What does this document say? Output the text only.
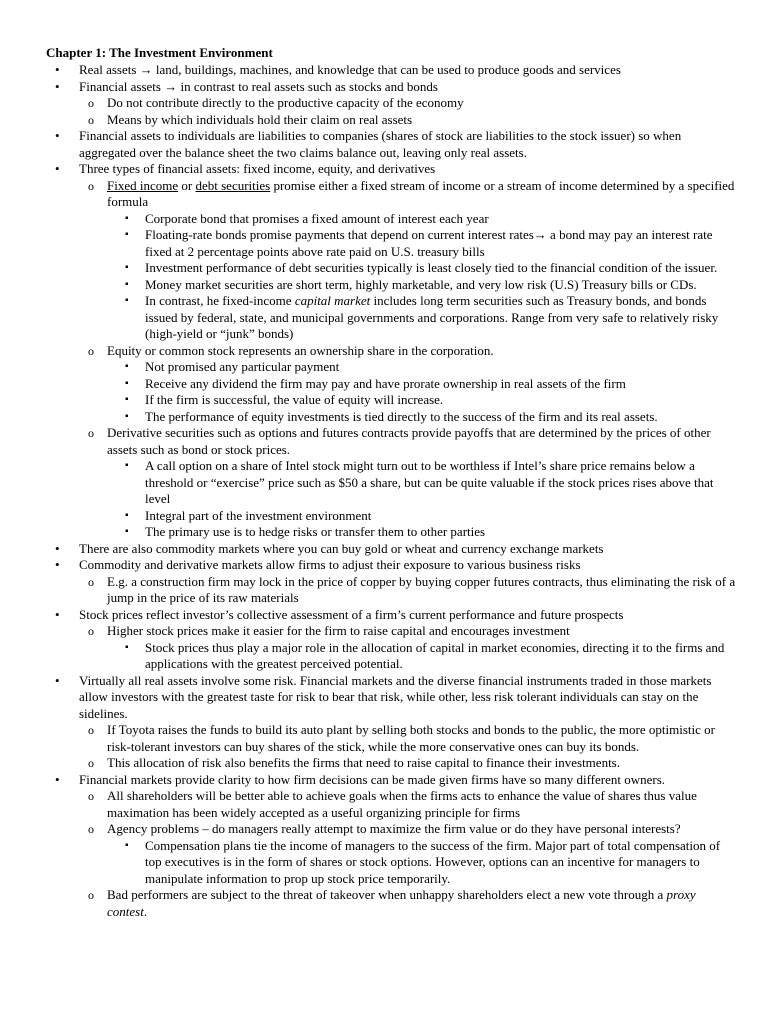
Chapter 1: The Investment Environment
• Real assets → land, buildings, machines, and knowledge that can be used to produce goods and services
• Financial assets → in contrast to real assets such as stocks and bonds
o Do not contribute directly to the productive capacity of the economy
o Means by which individuals hold their claim on real assets
• Financial assets to individuals are liabilities to companies (shares of stock are liabilities to the stock issuer) so when aggregated over the balance sheet the two claims balance out, leaving only real assets.
• Three types of financial assets: fixed income, equity, and derivatives
o Fixed income or debt securities promise either a fixed stream of income or a stream of income determined by a specified formula
▪ Corporate bond that promises a fixed amount of interest each year
▪ Floating-rate bonds promise payments that depend on current interest rates→ a bond may pay an interest rate fixed at 2 percentage points above rate paid on U.S. treasury bills
▪ Investment performance of debt securities typically is least closely tied to the financial condition of the issuer.
▪ Money market securities are short term, highly marketable, and very low risk (U.S) Treasury bills or CDs.
▪ In contrast, he fixed-income capital market includes long term securities such as Treasury bonds, and bonds issued by federal, state, and municipal governments and corporations. Range from very safe to relatively risky (high-yield or “junk” bonds)
o Equity or common stock represents an ownership share in the corporation.
▪ Not promised any particular payment
▪ Receive any dividend the firm may pay and have prorate ownership in real assets of the firm
▪ If the firm is successful, the value of equity will increase.
▪ The performance of equity investments is tied directly to the success of the firm and its real assets.
o Derivative securities such as options and futures contracts provide payoffs that are determined by the prices of other assets such as bond or stock prices.
▪ A call option on a share of Intel stock might turn out to be worthless if Intel’s share price remains below a threshold or “exercise” price such as $50 a share, but can be quite valuable if the stock prices rises above that level
▪ Integral part of the investment environment
▪ The primary use is to hedge risks or transfer them to other parties
• There are also commodity markets where you can buy gold or wheat and currency exchange markets
• Commodity and derivative markets allow firms to adjust their exposure to various business risks
o E.g. a construction firm may lock in the price of copper by buying copper futures contracts, thus eliminating the risk of a jump in the price of its raw materials
• Stock prices reflect investor’s collective assessment of a firm’s current performance and future prospects
o Higher stock prices make it easier for the firm to raise capital and encourages investment
▪ Stock prices thus play a major role in the allocation of capital in market economies, directing it to the firms and applications with the greatest perceived potential.
• Virtually all real assets involve some risk. Financial markets and the diverse financial instruments traded in those markets allow investors with the greatest taste for risk to bear that risk, while other, less risk tolerant individuals can stay on the sidelines.
o If Toyota raises the funds to build its auto plant by selling both stocks and bonds to the public, the more optimistic or risk-tolerant investors can buy shares of the stick, while the more conservative ones can buy its bonds.
o This allocation of risk also benefits the firms that need to raise capital to finance their investments.
• Financial markets provide clarity to how firm decisions can be made given firms have so many different owners.
o All shareholders will be better able to achieve goals when the firms acts to enhance the value of shares thus value maximation has been widely accepted as a useful organizing principle for firms
o Agency problems – do managers really attempt to maximize the firm value or do they have personal interests?
▪ Compensation plans tie the income of managers to the success of the firm. Major part of total compensation of top executives is in the form of shares or stock options. However, options can an incentive for managers to manipulate information to prop up stock price temporarily.
o Bad performers are subject to the threat of takeover when unhappy shareholders elect a new vote through a proxy contest.
